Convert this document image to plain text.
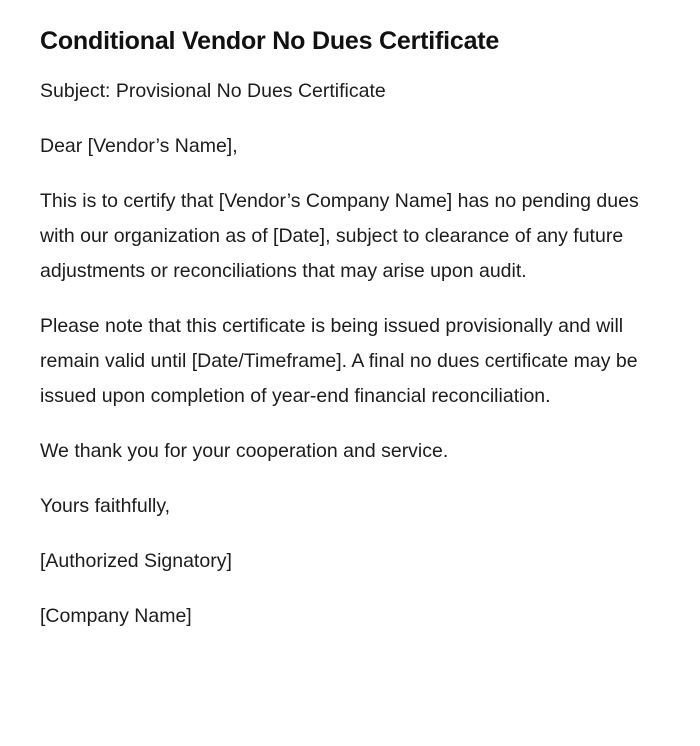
Conditional Vendor No Dues Certificate

Subject: Provisional No Dues Certificate

Dear [Vendor’s Name],

This is to certify that [Vendor’s Company Name] has no pending dues with our organization as of [Date], subject to clearance of any future adjustments or reconciliations that may arise upon audit.

Please note that this certificate is being issued provisionally and will remain valid until [Date/Timeframe]. A final no dues certificate may be issued upon completion of year-end financial reconciliation.

We thank you for your cooperation and service.

Yours faithfully,

[Authorized Signatory]

[Company Name]
